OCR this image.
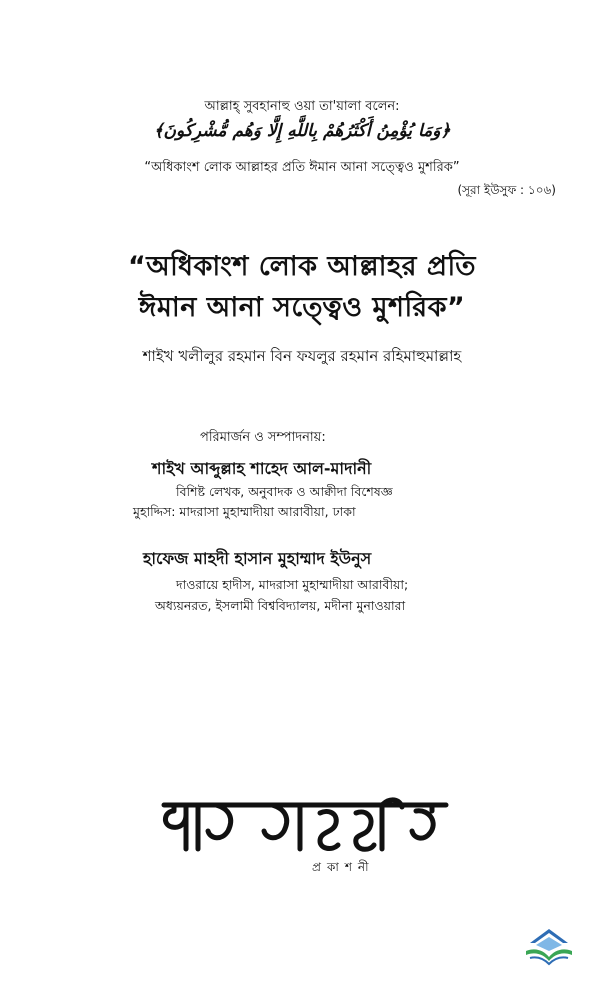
আল্লাহ্ সুবহানাহু ওয়া তা'য়ালা বলেন:
﴿وَمَا يُؤْمِنُ أَكْثَرُهُمْ بِاللَّهِ إِلَّا وَهُم مُّشْرِكُونَ﴾
“অধিকাংশ লোক আল্লাহর প্রতি ঈমান আনা সত্ত্বেও মুশরিক”
(সূরা ইউসুফ : ১০৬)
“অধিকাংশ লোক আল্লাহর প্রতি
ঈমান আনা সত্ত্বেও মুশরিক”
শাইখ খলীলুর রহমান বিন ফযলুর রহমান রহিমাহুমাল্লাহ
পরিমার্জন ও সম্পাদনায়:
শাইখ আব্দুল্লাহ শাহেদ আল-মাদানী
বিশিষ্ট লেখক, অনুবাদক ও আক্বীদা বিশেষজ্ঞ
মুহাদ্দিস: মাদরাসা মুহাম্মাদীয়া আরাবীয়া, ঢাকা
হাফেজ মাহদী হাসান মুহাম্মাদ ইউনুস
দাওরায়ে হাদীস, মাদরাসা মুহাম্মাদীয়া আরাবীয়া;
অধ্যয়নরত, ইসলামী বিশ্ববিদ্যালয়, মদীনা মুনাওয়ারা
প্রকাশনী
